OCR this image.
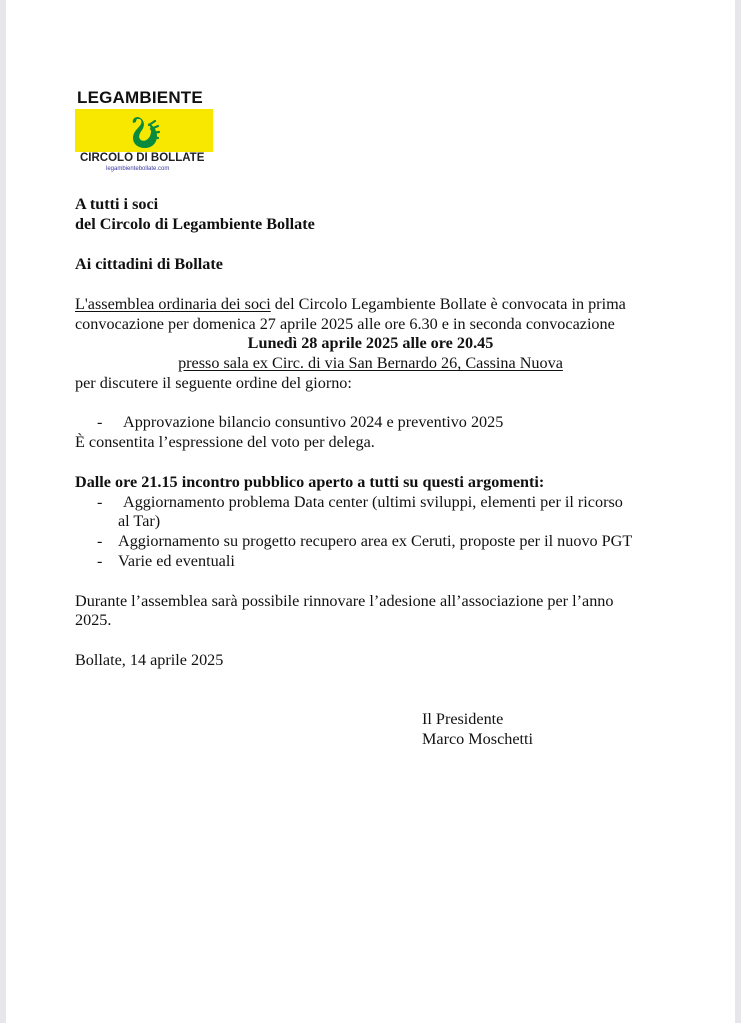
LEGAMBIENTE
CIRCOLO DI BOLLATE
legambientebollate.com
A tutti i soci
del Circolo di Legambiente Bollate
Ai cittadini di Bollate
L'assemblea ordinaria dei soci del Circolo Legambiente Bollate è convocata in prima
convocazione per domenica 27 aprile 2025 alle ore 6.30 e in seconda convocazione
Lunedì 28 aprile 2025 alle ore 20.45
presso sala ex Circ. di via San Bernardo 26, Cassina Nuova
per discutere il seguente ordine del giorno:
- Approvazione bilancio consuntivo 2024 e preventivo 2025
È consentita l’espressione del voto per delega.
Dalle ore 21.15 incontro pubblico aperto a tutti su questi argomenti:
- Aggiornamento problema Data center (ultimi sviluppi, elementi per il ricorso
al Tar)
- Aggiornamento su progetto recupero area ex Ceruti, proposte per il nuovo PGT
- Varie ed eventuali
Durante l’assemblea sarà possibile rinnovare l’adesione all’associazione per l’anno
2025.
Bollate, 14 aprile 2025
Il Presidente
Marco Moschetti
